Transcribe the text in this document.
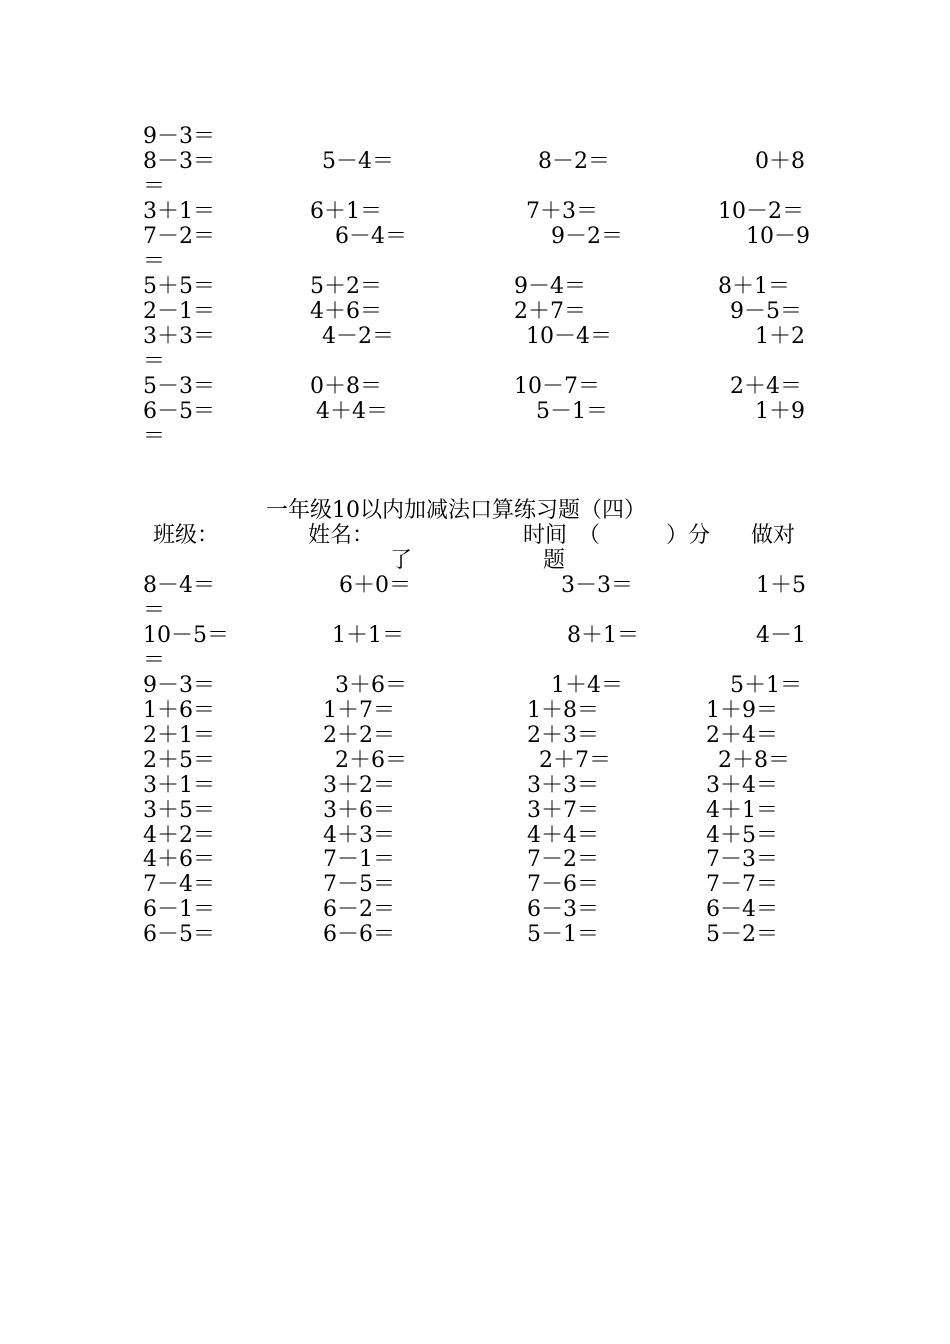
9－3＝
8－3＝	5－4＝	8－2＝	0＋8
＝
3＋1＝	6＋1＝	7＋3＝	10－2＝
7－2＝	6－4＝	9－2＝	10－9
＝
5＋5＝	5＋2＝	9－4＝	8＋1＝
2－1＝	4＋6＝	2＋7＝	9－5＝
3＋3＝	4－2＝	10－4＝	1＋2
＝
5－3＝	0＋8＝	10－7＝	2＋4＝
6－5＝	4＋4＝	5－1＝	1＋9
＝
一年级10以内加减法口算练习题（四）
班级：	姓名：	时间　（　　　）分 做对
了	题
8－4＝	6＋0＝	3－3＝	1＋5
＝
10－5＝	1＋1＝	8＋1＝	4－1
＝
9－3＝	3＋6＝	1＋4＝	5＋1＝
1＋6＝	1＋7＝	1＋8＝	1＋9＝
2＋1＝	2＋2＝	2＋3＝	2＋4＝
2＋5＝	2＋6＝	2＋7＝	2＋8＝
3＋1＝	3＋2＝	3＋3＝	3＋4＝
3＋5＝	3＋6＝	3＋7＝	4＋1＝
4＋2＝	4＋3＝	4＋4＝	4＋5＝
4＋6＝	7－1＝	7－2＝	7－3＝
7－4＝	7－5＝	7－6＝	7－7＝
6－1＝	6－2＝	6－3＝	6－4＝
6－5＝	6－6＝	5－1＝	5－2＝
